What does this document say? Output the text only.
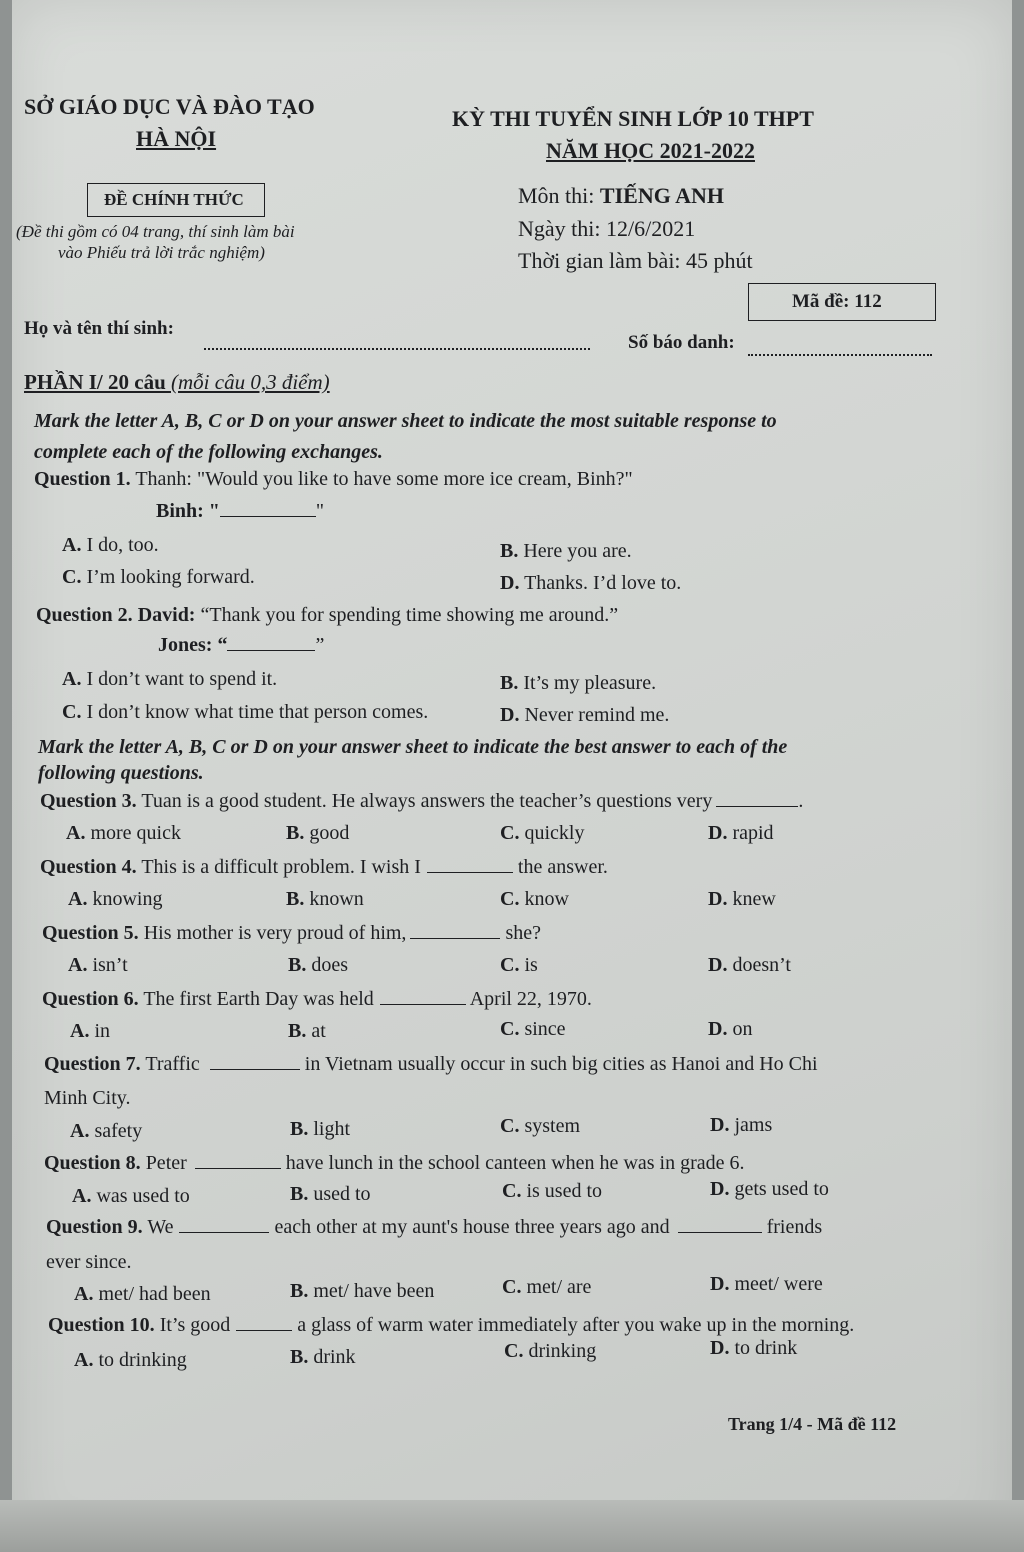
SỞ GIÁO DỤC VÀ ĐÀO TẠO
HÀ NỘI
KỲ THI TUYỂN SINH LỚP 10 THPT
NĂM HỌC 2021-2022
ĐỀ CHÍNH THỨC
(Đề thi gồm có 04 trang, thí sinh làm bài
vào Phiếu trả lời trắc nghiệm)
Môn thi: TIẾNG ANH
Ngày thi: 12/6/2021
Thời gian làm bài: 45 phút
Mã đề: 112
Họ và tên thí sinh:
Số báo danh:
PHẦN I/ 20 câu (mỗi câu 0,3 điểm)
Mark the letter A, B, C or D on your answer sheet to indicate the most suitable response to
complete each of the following exchanges.
Question 1. Thanh: "Would you like to have some more ice cream, Binh?"
Binh: "	"
A. I do, too.	B. Here you are.
C. I’m looking forward.	D. Thanks. I’d love to.
Question 2. David: “Thank you for spending time showing me around.”
Jones: “	”
A. I don’t want to spend it.	B. It’s my pleasure.
C. I don’t know what time that person comes.	D. Never remind me.
Mark the letter A, B, C or D on your answer sheet to indicate the best answer to each of the
following questions.
Question 3. Tuan is a good student. He always answers the teacher’s questions very	.
A. more quick	B. good	C. quickly	D. rapid
Question 4. This is a difficult problem. I wish I	the answer.
A. knowing	B. known	C. know	D. knew
Question 5. His mother is very proud of him,	she?
A. isn’t	B. does	C. is	D. doesn’t
Question 6. The first Earth Day was held	April 22, 1970.
A. in	B. at	C. since	D. on
Question 7. Traffic	in Vietnam usually occur in such big cities as Hanoi and Ho Chi
Minh City.
A. safety	B. light	C. system	D. jams
Question 8. Peter	have lunch in the school canteen when he was in grade 6.
A. was used to	B. used to	C. is used to	D. gets used to
Question 9. We	each other at my aunt's house three years ago and	friends
ever since.
A. met/ had been	B. met/ have been	C. met/ are	D. meet/ were
Question 10. It’s good	a glass of warm water immediately after you wake up in the morning.
A. to drinking	B. drink	C. drinking	D. to drink
Trang 1/4 - Mã đề 112
